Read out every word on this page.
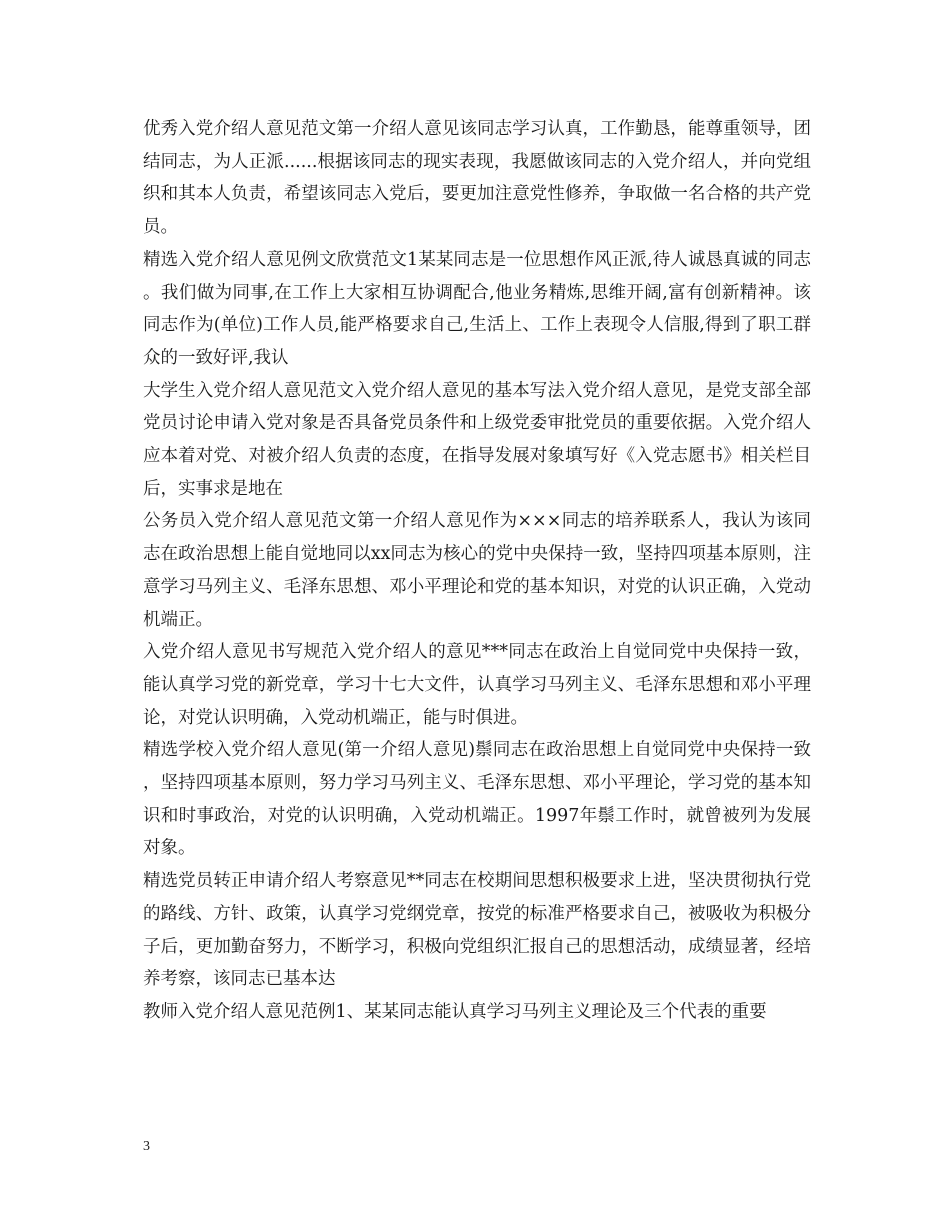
优秀入党介绍人意见范文第一介绍人意见该同志学习认真，工作勤恳，能尊重领导，团结同志，为人正派......根据该同志的现实表现，我愿做该同志的入党介绍人，并向党组织和其本人负责，希望该同志入党后，要更加注意党性修养，争取做一名合格的共产党员。

精选入党介绍人意见例文欣赏范文1某某同志是一位思想作风正派,待人诚恳真诚的同志。我们做为同事,在工作上大家相互协调配合,他业务精炼,思维开阔,富有创新精神。该同志作为(单位)工作人员,能严格要求自己,生活上、工作上表现令人信服,得到了职工群众的一致好评,我认

大学生入党介绍人意见范文入党介绍人意见的基本写法入党介绍人意见，是党支部全部党员讨论申请入党对象是否具备党员条件和上级党委审批党员的重要依据。入党介绍人应本着对党、对被介绍人负责的态度，在指导发展对象填写好《入党志愿书》相关栏目后，实事求是地在

公务员入党介绍人意见范文第一介绍人意见作为×××同志的培养联系人，我认为该同志在政治思想上能自觉地同以xx同志为核心的党中央保持一致，坚持四项基本原则，注意学习马列主义、毛泽东思想、邓小平理论和党的基本知识，对党的认识正确，入党动机端正。

入党介绍人意见书写规范入党介绍人的意见***同志在政治上自觉同党中央保持一致，能认真学习党的新党章，学习十七大文件，认真学习马列主义、毛泽东思想和邓小平理论，对党认识明确，入党动机端正，能与时俱进。

精选学校入党介绍人意见(第一介绍人意见)鬃同志在政治思想上自觉同党中央保持一致，坚持四项基本原则，努力学习马列主义、毛泽东思想、邓小平理论，学习党的基本知识和时事政治，对党的认识明确，入党动机端正。1997年鬃工作时，就曾被列为发展对象。

精选党员转正申请介绍人考察意见**同志在校期间思想积极要求上进，坚决贯彻执行党的路线、方针、政策，认真学习党纲党章，按党的标准严格要求自己，被吸收为积极分子后，更加勤奋努力，不断学习，积极向党组织汇报自己的思想活动，成绩显著，经培养考察，该同志已基本达

教师入党介绍人意见范例1、某某同志能认真学习马列主义理论及三个代表的重要

3
